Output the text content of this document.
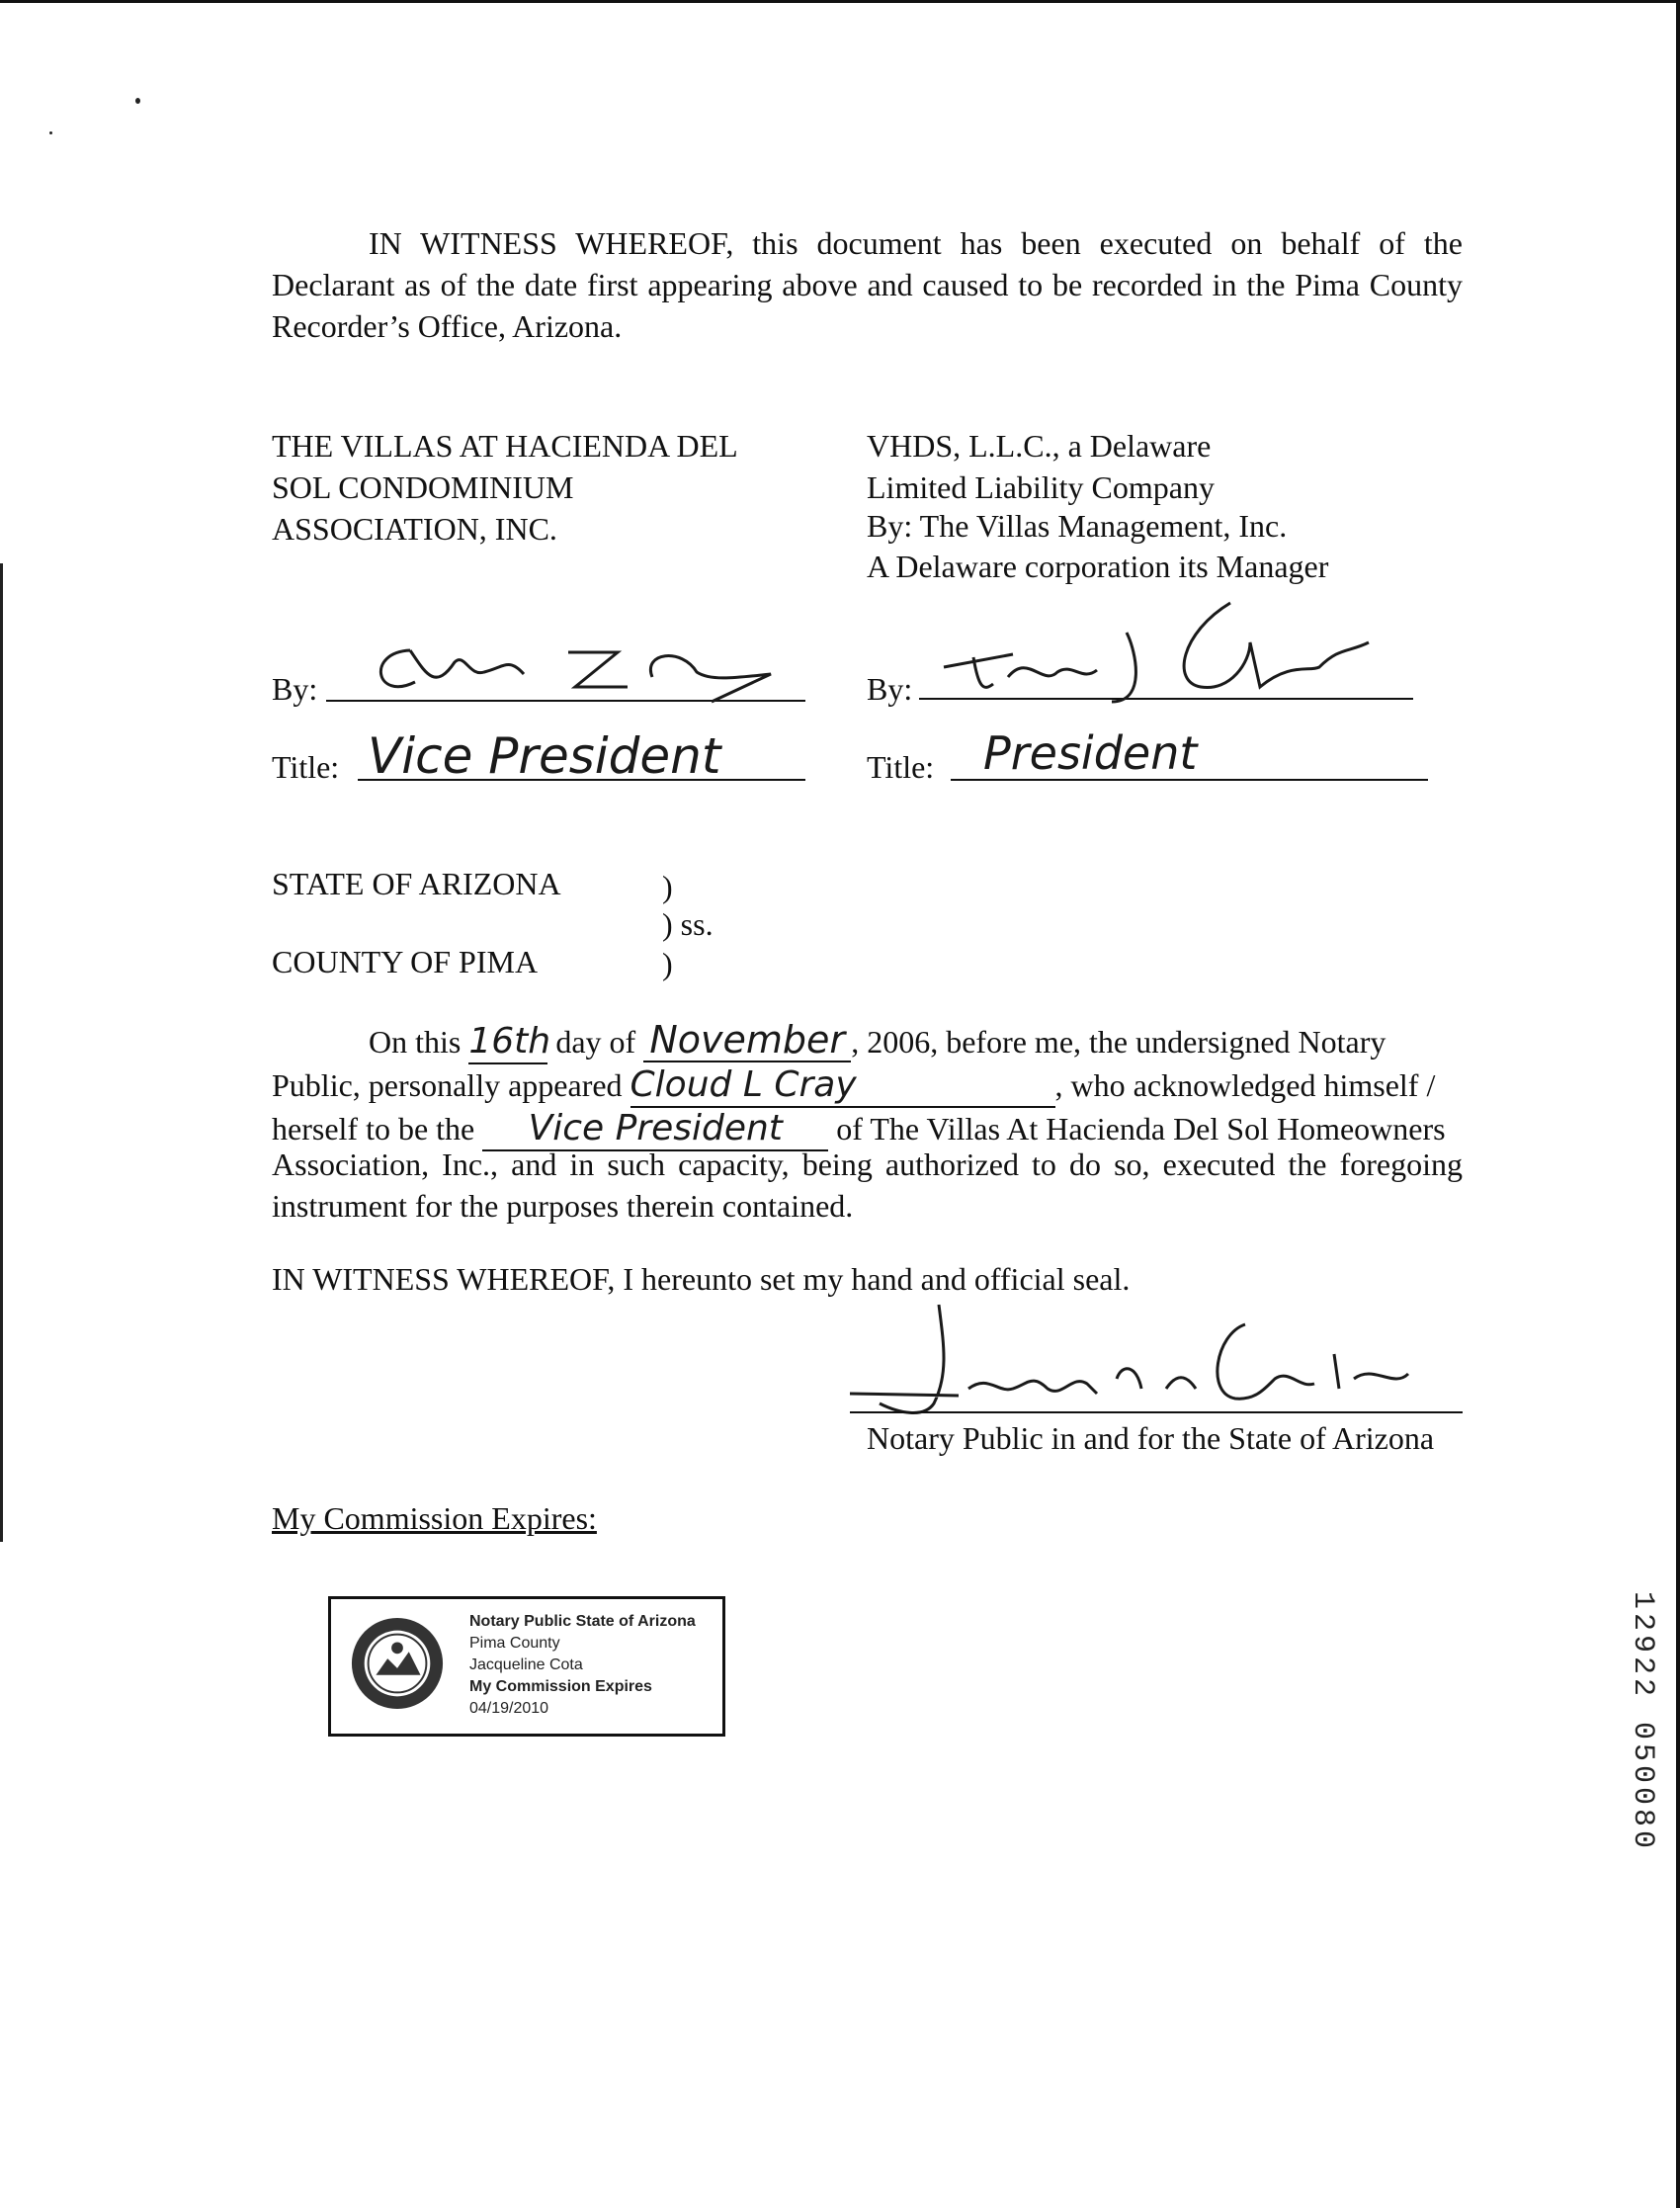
IN WITNESS WHEREOF, this document has been executed on behalf of the
Declarant as of the date first appearing above and caused to be recorded in the Pima County
Recorder’s Office, Arizona.
THE VILLAS AT HACIENDA DEL
SOL CONDOMINIUM
ASSOCIATION, INC.
VHDS, L.L.C., a Delaware
Limited Liability Company
By: The Villas Management, Inc.
A Delaware corporation its Manager
By:
Title: Vice President
By:
Title: President
STATE OF ARIZONA	)
) ss.
COUNTY OF PIMA	)
On this 16th day of November , 2006, before me, the undersigned Notary
Public, personally appeared Cloud L Cray	, who acknowledged himself /
herself to be the Vice President of The Villas At Hacienda Del Sol Homeowners
Association, Inc., and in such capacity, being authorized to do so, executed the foregoing
instrument for the purposes therein contained.
IN WITNESS WHEREOF, I hereunto set my hand and official seal.
Notary Public in and for the State of Arizona
My Commission Expires:
Notary Public State of Arizona
Pima County
Jacqueline Cota
My Commission Expires
04/19/2010	12922 050080
